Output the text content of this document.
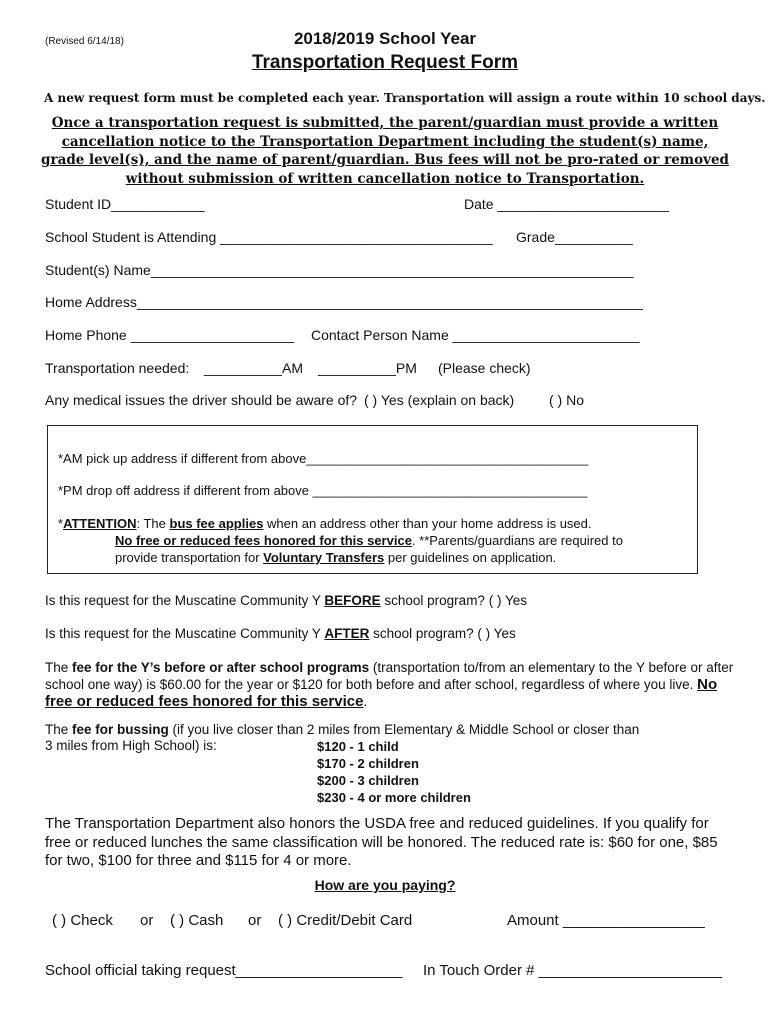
(Revised 6/14/18)	2018/2019 School Year
Transportation Request Form
A new request form must be completed each year. Transportation will assign a route within 10 school days.
Once a transportation request is submitted, the parent/guardian must provide a written cancellation notice to the Transportation Department including the student(s) name, grade level(s), and the name of parent/guardian. Bus fees will not be pro-rated or removed without submission of written cancellation notice to Transportation.
Student ID____________	Date ______________________
School Student is Attending ___________________________________ Grade__________
Student(s) Name______________________________________________________________
Home Address_________________________________________________________________
Home Phone _____________________ Contact Person Name ________________________
Transportation needed: __________ AM __________PM (Please check)
Any medical issues the driver should be aware of? ( ) Yes (explain on back) ( ) No
*AM pick up address if different from above_______________________________________
*PM drop off address if different from above ______________________________________
*ATTENTION: The bus fee applies when an address other than your home address is used.
No free or reduced fees honored for this service. **Parents/guardians are required to
provide transportation for Voluntary Transfers per guidelines on application.
Is this request for the Muscatine Community Y BEFORE school program? ( ) Yes
Is this request for the Muscatine Community Y AFTER school program? ( ) Yes
The fee for the Y’s before or after school programs (transportation to/from an elementary to the Y before or after school one way) is $60.00 for the year or $120 for both before and after school, regardless of where you live. No free or reduced fees honored for this service.
The fee for bussing (if you live closer than 2 miles from Elementary & Middle School or closer than
3 miles from High School) is:	$120 - 1 child
$170 - 2 children
$200 - 3 children
$230 - 4 or more children
The Transportation Department also honors the USDA free and reduced guidelines. If you qualify for free or reduced lunches the same classification will be honored. The reduced rate is: $60 for one, $85 for two, $100 for three and $115 for 4 or more.
How are you paying?
( ) Check or ( ) Cash or ( ) Credit/Debit Card	Amount _________________
School official taking request____________________ In Touch Order # ______________________
